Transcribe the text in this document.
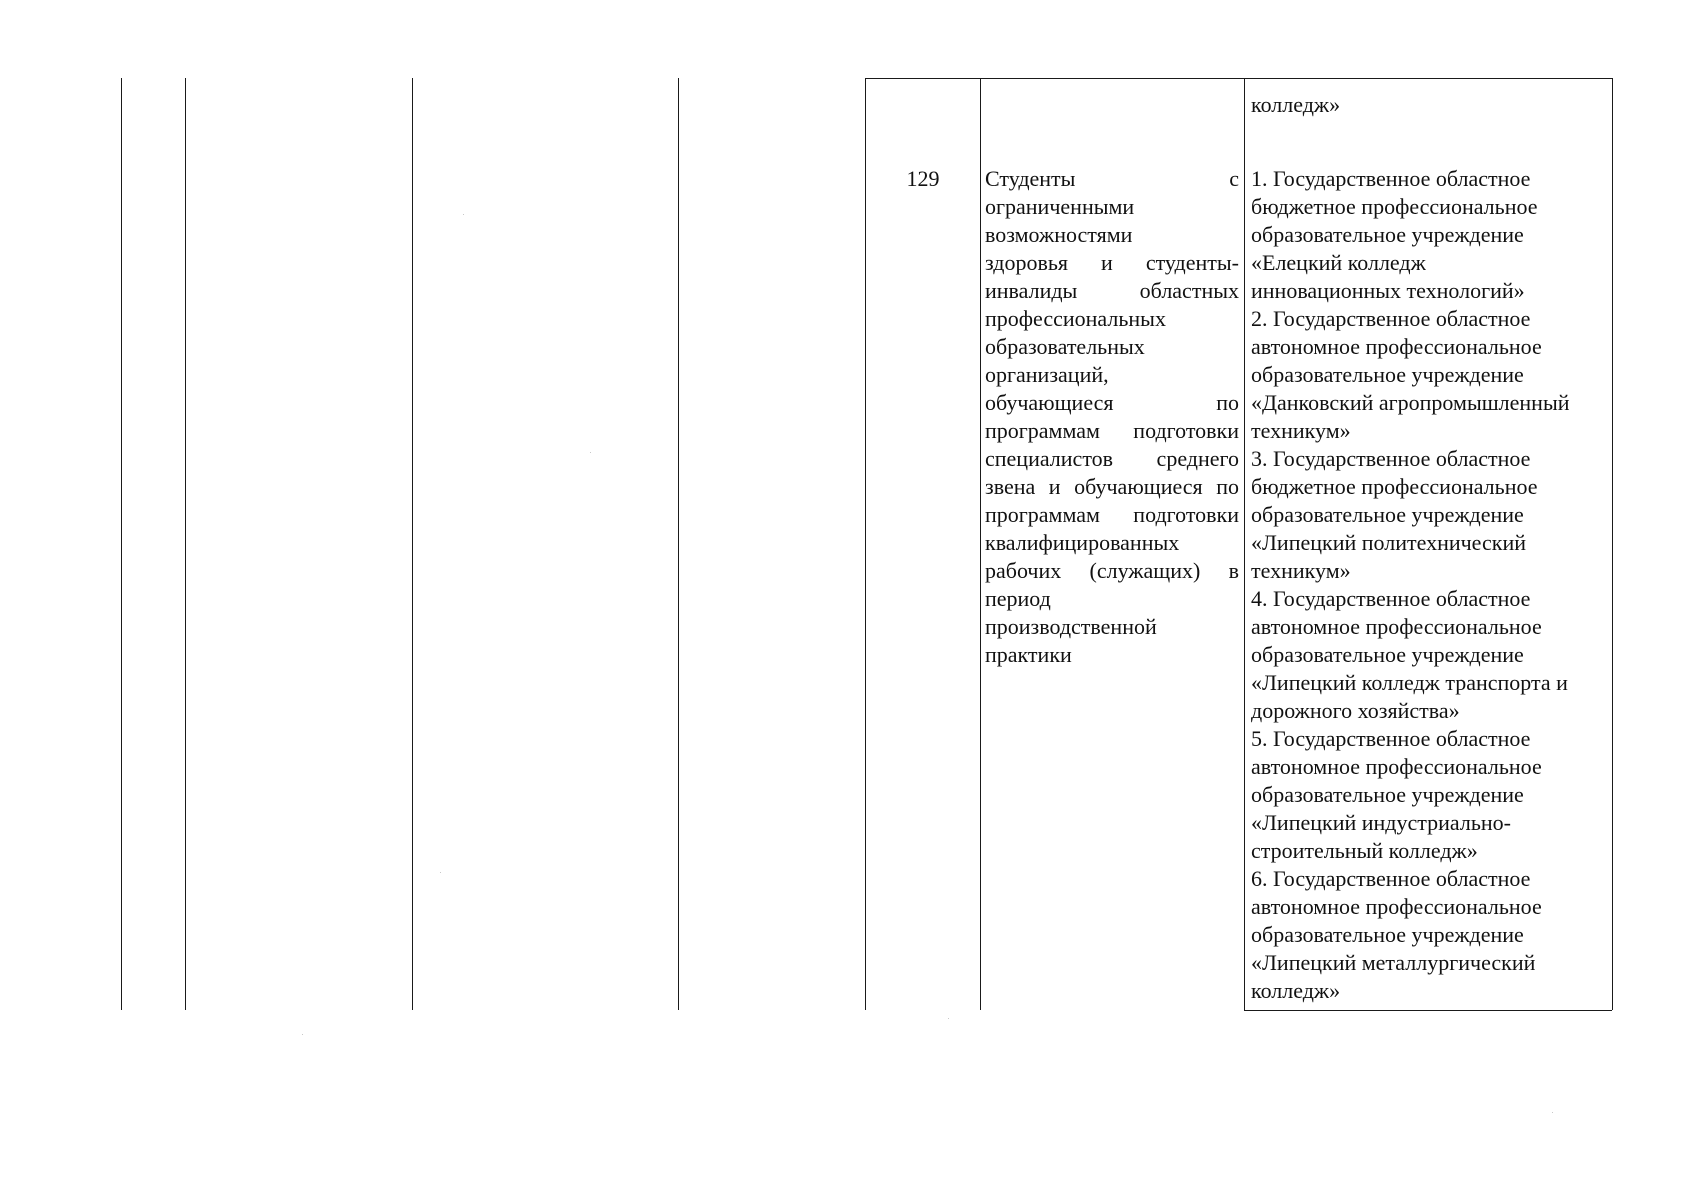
колледж»
129	Студенты с
ограниченными
возможностями
здоровья и студенты-
инвалиды областных
профессиональных
образовательных
организаций,
обучающиеся по
программам подготовки
специалистов среднего
звена и обучающиеся по
программам подготовки
квалифицированных
рабочих (служащих) в
период
производственной
практики
1. Государственное областное
бюджетное профессиональное
образовательное учреждение
«Елецкий колледж
инновационных технологий»
2. Государственное областное
автономное профессиональное
образовательное учреждение
«Данковский агропромышленный
техникум»
3. Государственное областное
бюджетное профессиональное
образовательное учреждение
«Липецкий политехнический
техникум»
4. Государственное областное
автономное профессиональное
образовательное учреждение
«Липецкий колледж транспорта и
дорожного хозяйства»
5. Государственное областное
автономное профессиональное
образовательное учреждение
«Липецкий индустриально-
строительный колледж»
6. Государственное областное
автономное профессиональное
образовательное учреждение
«Липецкий металлургический
колледж»
